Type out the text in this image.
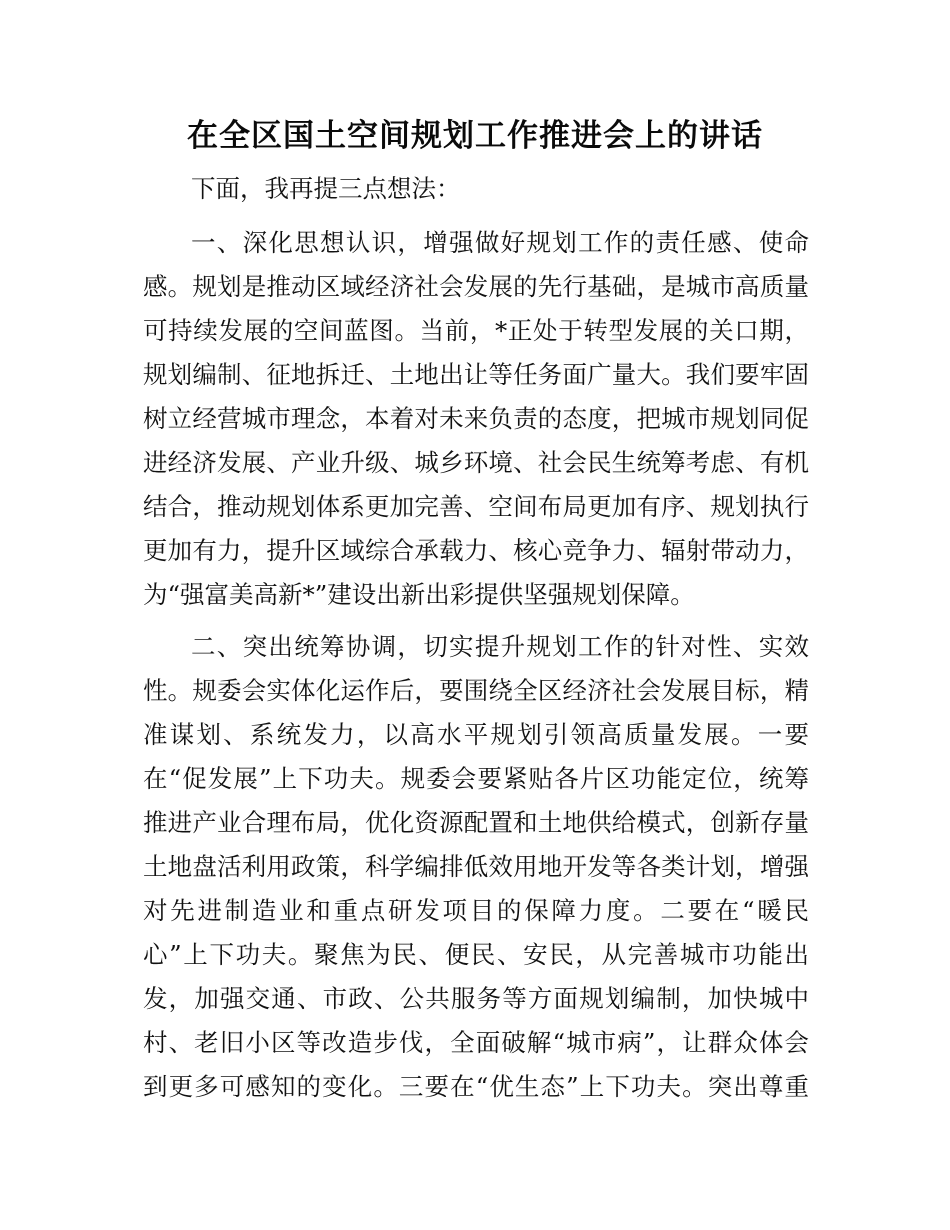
在全区国土空间规划工作推进会上的讲话
下面，我再提三点想法：
一、深化思想认识，增强做好规划工作的责任感、使命
感。规划是推动区域经济社会发展的先行基础，是城市高质量
可持续发展的空间蓝图。当前，*正处于转型发展的关口期，
规划编制、征地拆迁、土地出让等任务面广量大。我们要牢固
树立经营城市理念，本着对未来负责的态度，把城市规划同促
进经济发展、产业升级、城乡环境、社会民生统筹考虑、有机
结合，推动规划体系更加完善、空间布局更加有序、规划执行
更加有力，提升区域综合承载力、核心竞争力、辐射带动力，
为“强富美高新*”建设出新出彩提供坚强规划保障。
二、突出统筹协调，切实提升规划工作的针对性、实效
性。规委会实体化运作后，要围绕全区经济社会发展目标，精
准谋划、系统发力，以高水平规划引领高质量发展。一要
在“促发展”上下功夫。规委会要紧贴各片区功能定位，统筹
推进产业合理布局，优化资源配置和土地供给模式，创新存量
土地盘活利用政策，科学编排低效用地开发等各类计划，增强
对先进制造业和重点研发项目的保障力度。二要在“暖民
心”上下功夫。聚焦为民、便民、安民，从完善城市功能出
发，加强交通、市政、公共服务等方面规划编制，加快城中
村、老旧小区等改造步伐，全面破解“城市病”，让群众体会
到更多可感知的变化。三要在“优生态”上下功夫。突出尊重
